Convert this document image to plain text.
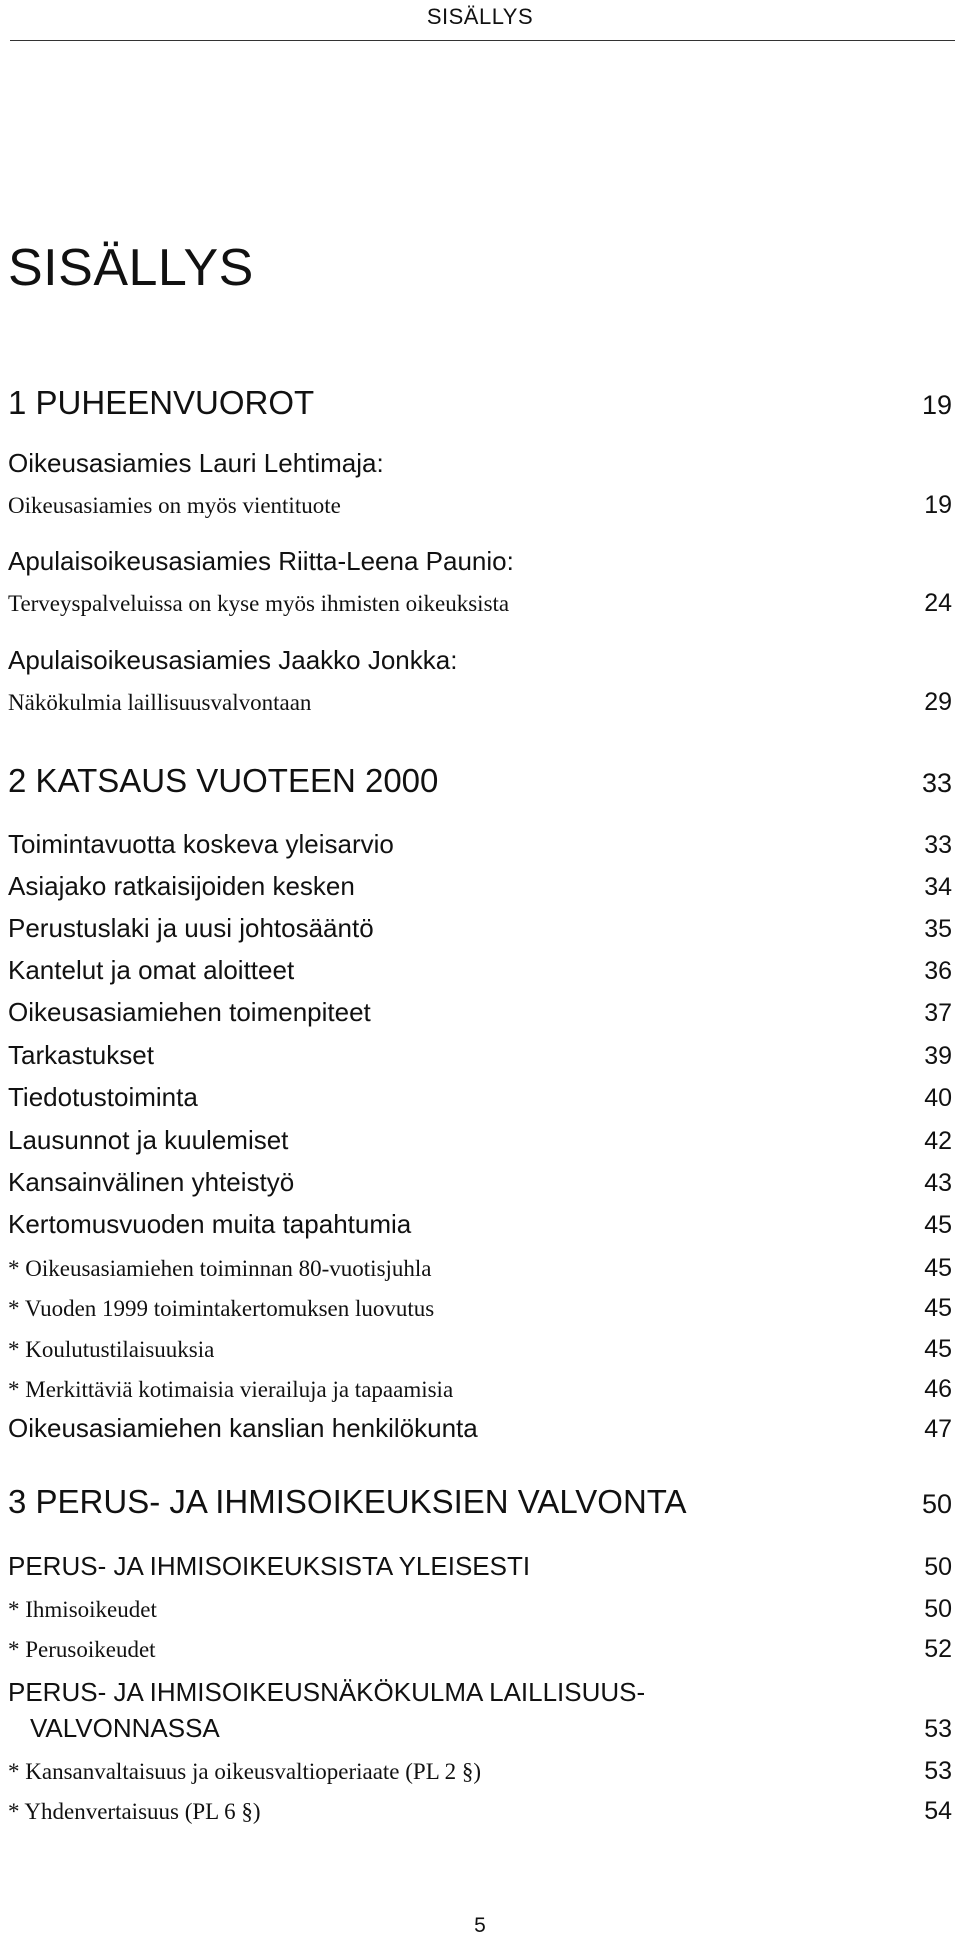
SISÄLLYS
SISÄLLYS
1 PUHEENVUOROT	19
Oikeusasiamies Lauri Lehtimaja:
Oikeusasiamies on myös vientituote	19
Apulaisoikeusasiamies Riitta-Leena Paunio:
Terveyspalveluissa on kyse myös ihmisten oikeuksista	24
Apulaisoikeusasiamies Jaakko Jonkka:
Näkökulmia laillisuusvalvontaan	29
2 KATSAUS VUOTEEN 2000	33
Toimintavuotta koskeva yleisarvio	33
Asiajako ratkaisijoiden kesken	34
Perustuslaki ja uusi johtosääntö	35
Kantelut ja omat aloitteet	36
Oikeusasiamiehen toimenpiteet	37
Tarkastukset	39
Tiedotustoiminta	40
Lausunnot ja kuulemiset	42
Kansainvälinen yhteistyö	43
Kertomusvuoden muita tapahtumia	45
* Oikeusasiamiehen toiminnan 80-vuotisjuhla	45
* Vuoden 1999 toimintakertomuksen luovutus	45
* Koulutustilaisuuksia	45
* Merkittäviä kotimaisia vierailuja ja tapaamisia	46
Oikeusasiamiehen kanslian henkilökunta	47
3 PERUS- JA IHMISOIKEUKSIEN VALVONTA	50
PERUS- JA IHMISOIKEUKSISTA YLEISESTI	50
* Ihmisoikeudet	50
* Perusoikeudet	52
PERUS- JA IHMISOIKEUSNÄKÖKULMA LAILLISUUS-
VALVONNASSA	53
* Kansanvaltaisuus ja oikeusvaltioperiaate (PL 2 §)	53
* Yhdenvertaisuus (PL 6 §)	54
5
